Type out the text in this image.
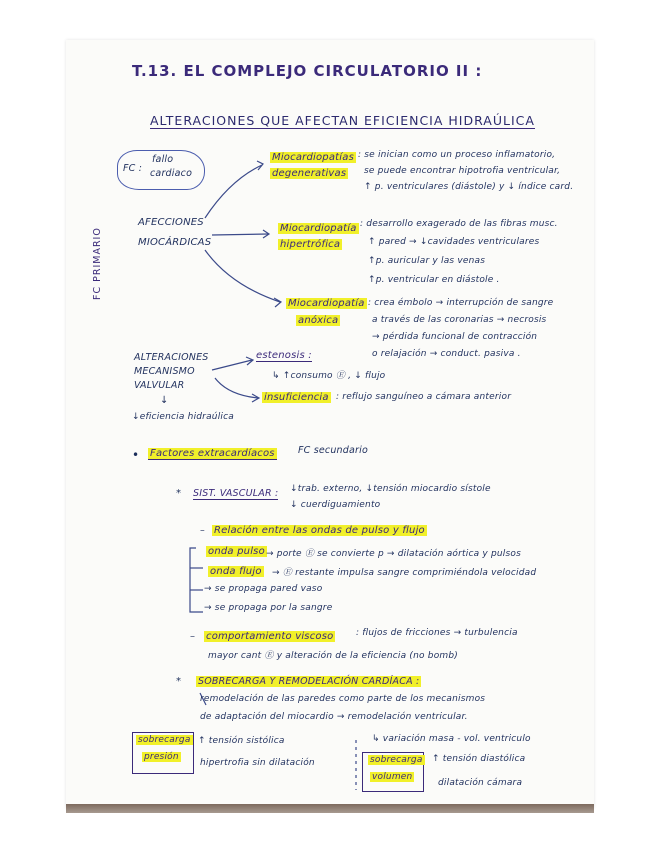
T.13. EL COMPLEJO CIRCULATORIO II :
ALTERACIONES QUE AFECTAN EFICIENCIA HIDRAÚLICA
FC PRIMARIO
FC :
fallo
cardiaco
AFECCIONES
MIOCÁRDICAS
Miocardiopatías
degenerativas
: se inician como un proceso inflamatorio,
se puede encontrar hipotrofia ventricular,
↑ p. ventriculares (diástole) y ↓ índice card.
Miocardiopatía
hipertrófica
: desarrollo exagerado de las fibras musc.
↑ pared → ↓cavidades ventriculares
↑p. auricular y las venas
↑p. ventricular en diástole .
Miocardiopatía
anóxica
: crea émbolo → interrupción de sangre
a través de las coronarias → necrosis
→ pérdida funcional de contracción
o relajación → conduct. pasiva .
ALTERACIONES
MECANISMO
VALVULAR
↓
↓eficiencia hidraúlica
estenosis :
↳ ↑consumo Ⓔ , ↓ flujo
insuficiencia : reflujo sanguíneo a cámara anterior
• Factores extracardíacos FC secundario
* SIST. VASCULAR : ↓trab. externo, ↓tensión miocardio sístole
↓ cuerdiguamiento
– Relación entre las ondas de pulso y flujo
onda pulso → porte Ⓔ se convierte p → dilatación aórtica y pulsos
onda flujo → Ⓔ restante impulsa sangre comprimiéndola velocidad
→ se propaga pared vaso
→ se propaga por la sangre
– comportamiento viscoso	: flujos de fricciones → turbulencia
mayor cant Ⓔ y alteración de la eficiencia (no bomb)
* SOBRECARGA Y REMODELACIÓN CARDÍACA :
remodelación de las paredes como parte de los mecanismos
de adaptación del miocardio → remodelación ventricular.
sobrecarga
presión
↑ tensión sistólica
hipertrofia sin dilatación
↳ variación masa - vol. ventriculo
sobrecarga
volumen
↑ tensión diastólica
dilatación cámara
